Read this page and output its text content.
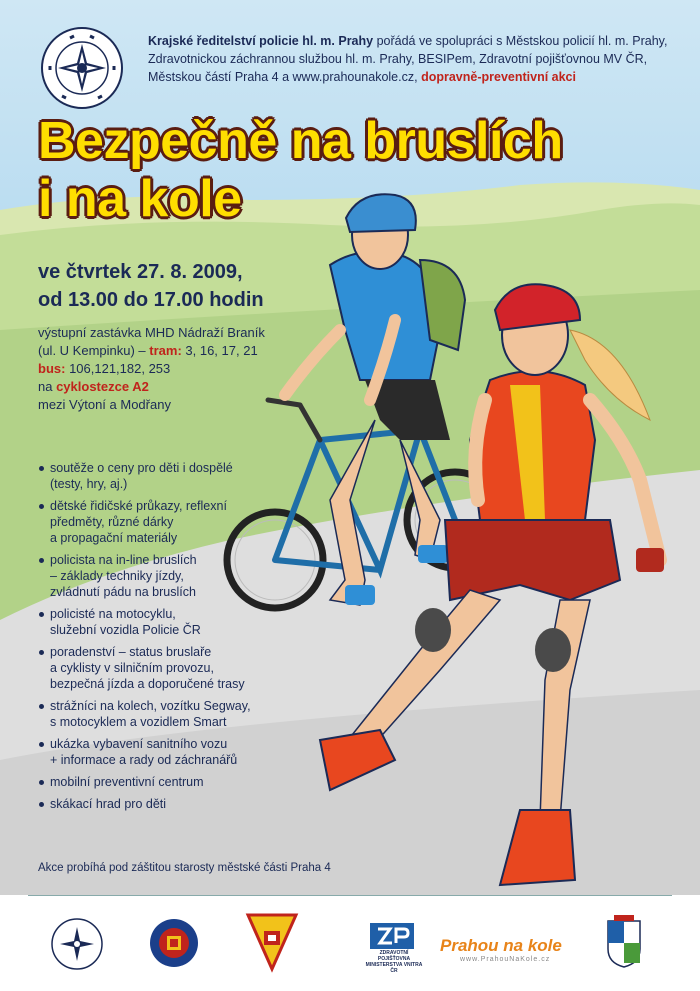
Krajské ředitelství policie hl. m. Prahy pořádá ve spolupráci s Městskou policií hl. m. Prahy,
Zdravotnickou záchrannou službou hl. m. Prahy, BESIPem, Zdravotní pojišťovnou MV ČR,
Městskou částí Praha 4 a www.prahounakole.cz, dopravně-preventivní akci
Bezpečně na bruslích
i na kole
ve čtvrtek 27. 8. 2009,
od 13.00 do 17.00 hodin
výstupní zastávka MHD Nádraží Braník
(ul. U Kempinku) – tram: 3, 16, 17, 21
bus: 106,121,182, 253
na cyklostezce A2
mezi Výtoní a Modřany
soutěže o ceny pro děti i dospělé
(testy, hry, aj.)
dětské řidičské průkazy, reflexní
předměty, různé dárky
a propagační materiály
policista na in-line bruslích
– základy techniky jízdy,
zvládnutí pádu na bruslích
policisté na motocyklu,
služební vozidla Policie ČR
poradenství – status bruslaře
a cyklisty v silničním provozu,
bezpečná jízda a doporučené trasy
strážníci na kolech, vozítku Segway,
s motocyklem a vozidlem Smart
ukázka vybavení sanitního vozu
+ informace a rady od záchranářů
mobilní preventivní centrum
skákací hrad pro děti
Akce probíhá pod záštitou starosty městské části Praha 4
ZDRAVOTNÍ POJIŠŤOVNA MINISTERSTVA VNITRA ČR
Prahou na kole
www.PrahouNaKole.cz
